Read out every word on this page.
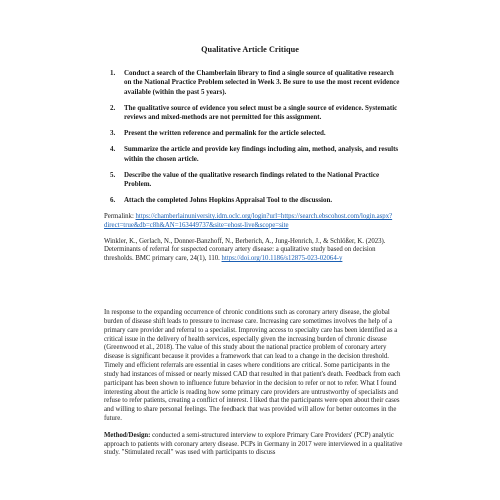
Qualitative Article Critique
1. Conduct a search of the Chamberlain library to find a single source of qualitative research on the National Practice Problem selected in Week 3. Be sure to use the most recent evidence available (within the past 5 years).
2. The qualitative source of evidence you select must be a single source of evidence. Systematic reviews and mixed-methods are not permitted for this assignment.
3. Present the written reference and permalink for the article selected.
4. Summarize the article and provide key findings including aim, method, analysis, and results within the chosen article.
5. Describe the value of the qualitative research findings related to the National Practice Problem.
6. Attach the completed Johns Hopkins Appraisal Tool to the discussion.

Permalink: https://chamberlainuniversity.idm.oclc.org/login?url=https://search.ebscohost.com/login.aspx?direct=true&db=c8h&AN=163449737&site=ehost-live&scope=site

Winkler, K., Gerlach, N., Donner-Banzhoff, N., Berberich, A., Jung-Henrich, J., & Schlößer, K. (2023). Determinants of referral for suspected coronary artery disease: a qualitative study based on decision thresholds. BMC primary care, 24(1), 110. https://doi.org/10.1186/s12875-023-02064-y

In response to the expanding occurrence of chronic conditions such as coronary artery disease, the global burden of disease shift leads to pressure to increase care. Increasing care sometimes involves the help of a primary care provider and referral to a specialist. Improving access to specialty care has been identified as a critical issue in the delivery of health services, especially given the increasing burden of chronic disease (Greenwood et al., 2018). The value of this study about the national practice problem of coronary artery disease is significant because it provides a framework that can lead to a change in the decision threshold. Timely and efficient referrals are essential in cases where conditions are critical. Some participants in the study had instances of missed or nearly missed CAD that resulted in that patient's death. Feedback from each participant has been shown to influence future behavior in the decision to refer or not to refer. What I found interesting about the article is reading how some primary care providers are untrustworthy of specialists and refuse to refer patients, creating a conflict of interest. I liked that the participants were open about their cases and willing to share personal feelings. The feedback that was provided will allow for better outcomes in the future.

Method/Design: conducted a semi-structured interview to explore Primary Care Providers' (PCP) analytic approach to patients with coronary artery disease. PCPs in Germany in 2017 were interviewed in a qualitative study. "Stimulated recall" was used with participants to discuss
